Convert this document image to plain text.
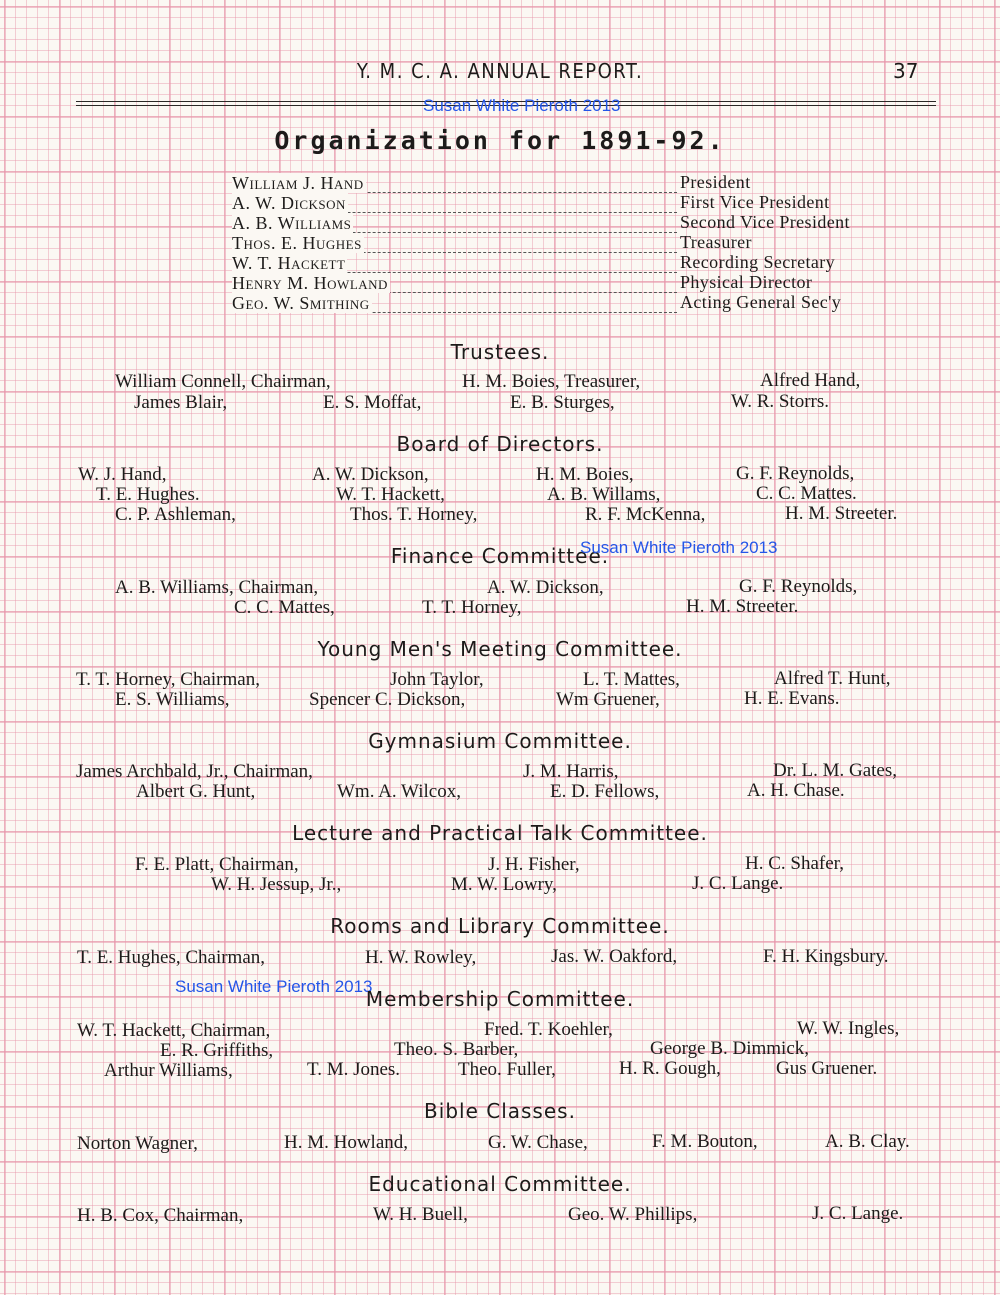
Y. M. C. A. ANNUAL REPORT.	37
Susan White Pieroth 2013
Organization for 1891-92.
William J. Hand	President
A. W. Dickson	First Vice President
A. B. Williams	Second Vice President
Thos. E. Hughes	Treasurer
W. T. Hackett	Recording Secretary
Henry M. Howland	Physical Director
Geo. W. Smithing	Acting General Sec'y
Trustees.
William Connell, Chairman,	H. M. Boies, Treasurer,	Alfred Hand,
James Blair,	E. S. Moffat,	E. B. Sturges,	W. R. Storrs.
Board of Directors.
W. J. Hand,	A. W. Dickson,	H. M. Boies,	G. F. Reynolds,
T. E. Hughes.	W. T. Hackett,	A. B. Willams,	C. C. Mattes.
C. P. Ashleman,	Thos. T. Horney,	R. F. McKenna,	H. M. Streeter.
Finance Committee.
Susan White Pieroth 2013
A. B. Williams, Chairman,	A. W. Dickson,	G. F. Reynolds,
C. C. Mattes,	T. T. Horney,	H. M. Streeter.
Young Men's Meeting Committee.
T. T. Horney, Chairman,	John Taylor,	L. T. Mattes,	Alfred T. Hunt,
E. S. Williams,	Spencer C. Dickson,	Wm Gruener,	H. E. Evans.
Gymnasium Committee.
James Archbald, Jr., Chairman,	J. M. Harris,	Dr. L. M. Gates,
Albert G. Hunt,	Wm. A. Wilcox,	E. D. Fellows,	A. H. Chase.
Lecture and Practical Talk Committee.
F. E. Platt, Chairman,	J. H. Fisher,	H. C. Shafer,
W. H. Jessup, Jr.,	M. W. Lowry,	J. C. Lange.
Rooms and Library Committee.
T. E. Hughes, Chairman,	H. W. Rowley,	Jas. W. Oakford,	F. H. Kingsbury.
Susan White Pieroth 2013
Membership Committee.
W. T. Hackett, Chairman,	Fred. T. Koehler,	W. W. Ingles,
E. R. Griffiths,	Theo. S. Barber,	George B. Dimmick,
Arthur Williams,	T. M. Jones.	Theo. Fuller,	H. R. Gough,	Gus Gruener.
Bible Classes.
Norton Wagner,	H. M. Howland,	G. W. Chase,	F. M. Bouton,	A. B. Clay.
Educational Committee.
H. B. Cox, Chairman,	W. H. Buell,	Geo. W. Phillips,	J. C. Lange.
